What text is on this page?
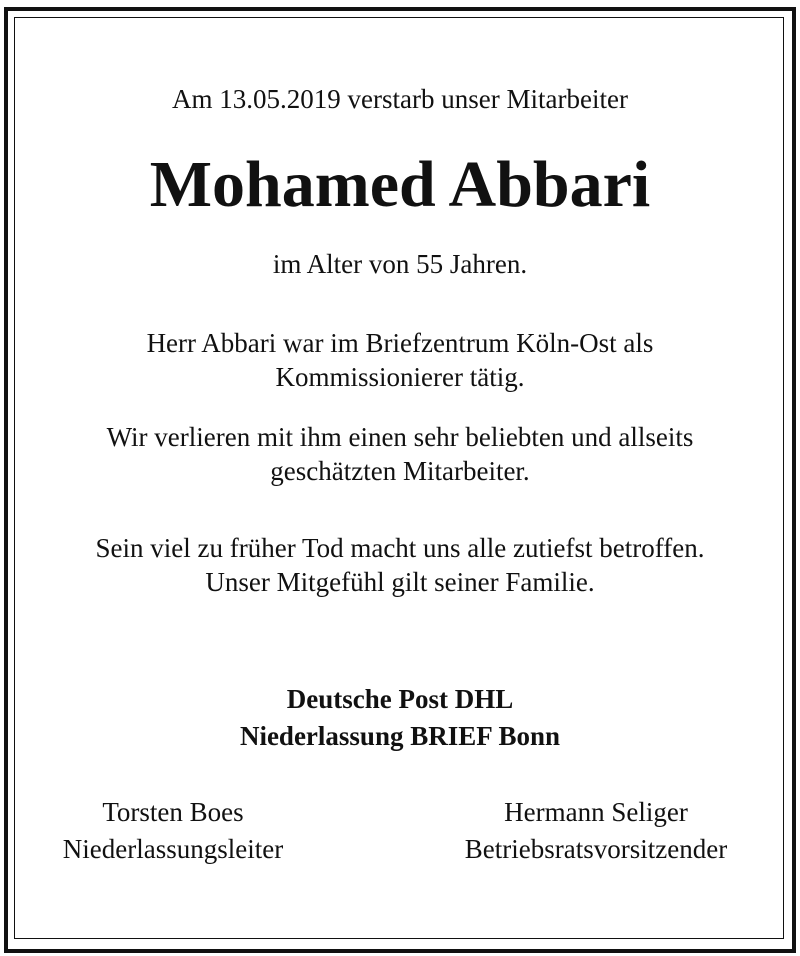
Am 13.05.2019 verstarb unser Mitarbeiter
Mohamed Abbari
im Alter von 55 Jahren.
Herr Abbari war im Briefzentrum Köln-Ost als
Kommissionierer tätig.
Wir verlieren mit ihm einen sehr beliebten und allseits
geschätzten Mitarbeiter.
Sein viel zu früher Tod macht uns alle zutiefst betroffen.
Unser Mitgefühl gilt seiner Familie.
Deutsche Post DHL
Niederlassung BRIEF Bonn
Torsten Boes
Niederlassungsleiter
Hermann Seliger
Betriebsratsvorsitzender
